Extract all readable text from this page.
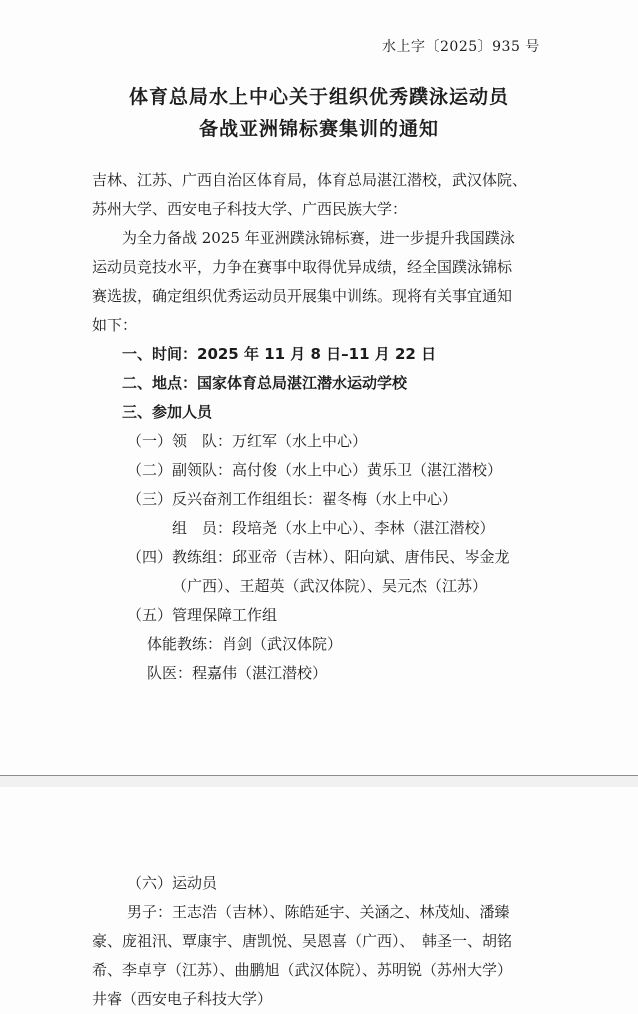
水上字〔2025〕935 号
体育总局水上中心关于组织优秀蹼泳运动员
备战亚洲锦标赛集训的通知
吉林、江苏、广西自治区体育局，体育总局湛江潜校，武汉体院、
苏州大学、西安电子科技大学、广西民族大学：
为全力备战 2025 年亚洲蹼泳锦标赛，进一步提升我国蹼泳
运动员竞技水平，力争在赛事中取得优异成绩，经全国蹼泳锦标
赛选拔，确定组织优秀运动员开展集中训练。现将有关事宜通知
如下：
一、时间：2025 年 11 月 8 日–11 月 22 日
二、地点：国家体育总局湛江潜水运动学校
三、参加人员
（一）领　队：万红军（水上中心）
（二）副领队：高付俊（水上中心）黄乐卫（湛江潜校）
（三）反兴奋剂工作组组长：翟冬梅（水上中心）
组　员：段培尧（水上中心）、李林（湛江潜校）
（四）教练组：邱亚帝（吉林）、阳向斌、唐伟民、岑金龙
（广西）、王超英（武汉体院）、吴元杰（江苏）
（五）管理保障工作组
体能教练：肖剑（武汉体院）
队医：程嘉伟（湛江潜校）
（六）运动员
男子：王志浩（吉林）、陈皓延宇、关涵之、林茂灿、潘臻
豪、庞祖汛、覃康宇、唐凯悦、吴恩喜（广西）、　韩圣一、胡铭
希、李卓亨（江苏）、曲鹏旭（武汉体院）、苏明锐（苏州大学）
井睿（西安电子科技大学）
